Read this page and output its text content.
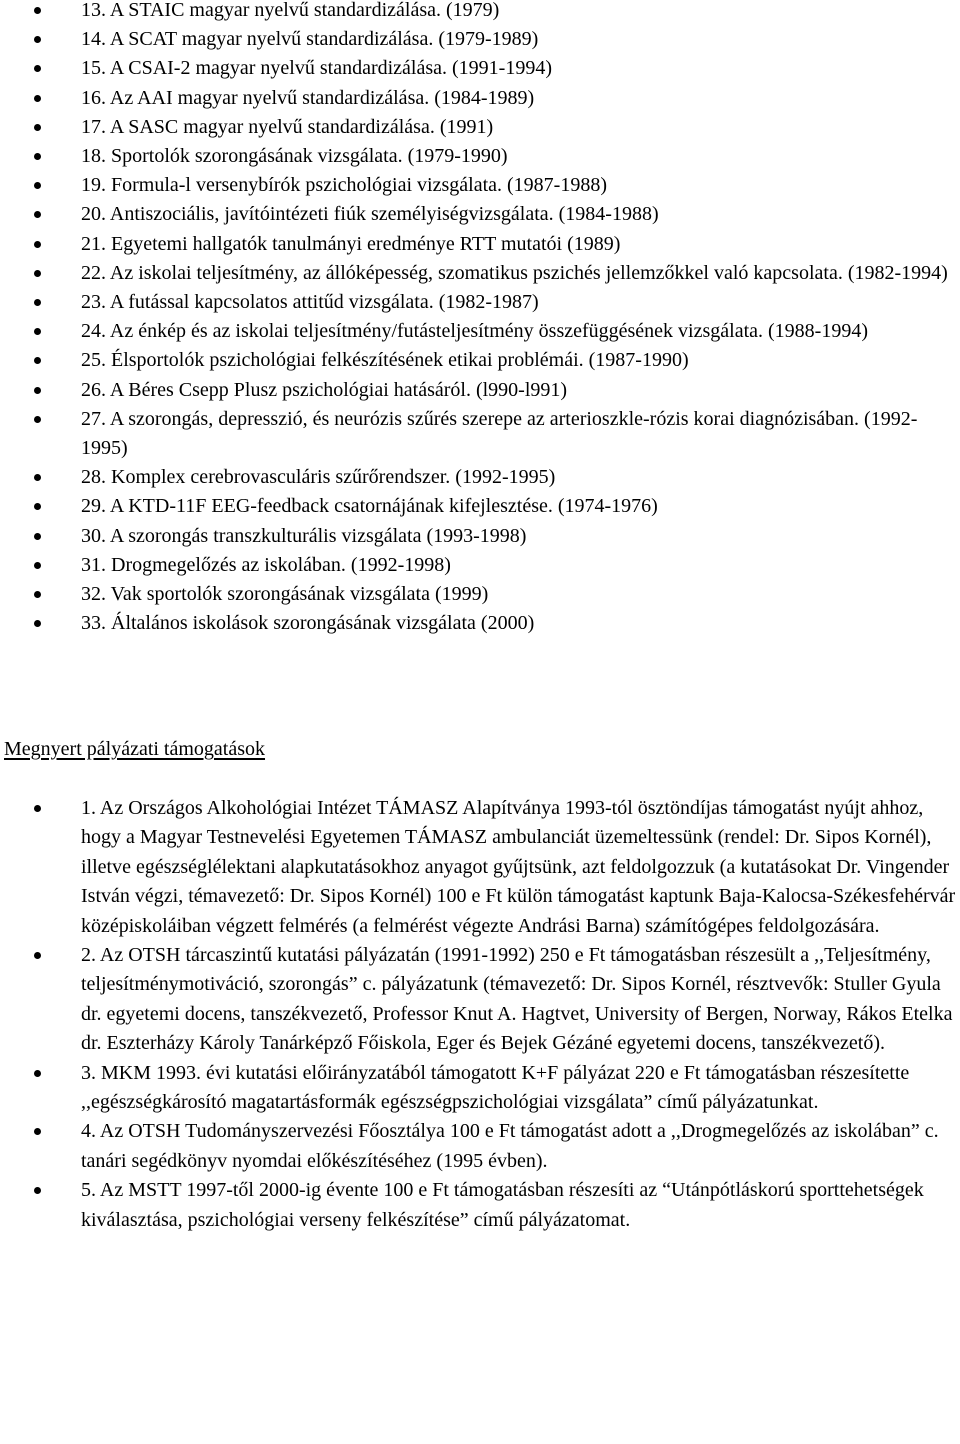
13. A STAIC magyar nyelvű standardizálása. (1979)
14. A SCAT magyar nyelvű standardizálása. (1979-1989)
15. A CSAI-2 magyar nyelvű standardizálása. (1991-1994)
16. Az AAI magyar nyelvű standardizálása. (1984-1989)
17. A SASC magyar nyelvű standardizálása. (1991)
18. Sportolók szorongásának vizsgálata. (1979-1990)
19. Formula-l versenybírók pszichológiai vizsgálata. (1987-1988)
20. Antiszociális, javítóintézeti fiúk személyiségvizsgálata. (1984-1988)
21. Egyetemi hallgatók tanulmányi eredménye RTT mutatói (1989)
22. Az iskolai teljesítmény, az állóképesség, szomatikus pszichés jellemzőkkel való kapcsolata. (1982-1994)
23. A futással kapcsolatos attitűd vizsgálata. (1982-1987)
24. Az énkép és az iskolai teljesítmény/futásteljesítmény összefüggésének vizsgálata. (1988-1994)
25. Élsportolók pszichológiai felkészítésének etikai problémái. (1987-1990)
26. A Béres Csepp Plusz pszichológiai hatásáról. (l990-l991)
27. A szorongás, depresszió, és neurózis szűrés szerepe az arterioszkle-rózis korai diagnózisában. (1992-1995)
28. Komplex cerebrovasculáris szűrőrendszer. (1992-1995)
29. A KTD-11F EEG-feedback csatornájának kifejlesztése. (1974-1976)
30. A szorongás transzkulturális vizsgálata (1993-1998)
31. Drogmegelőzés az iskolában. (1992-1998)
32. Vak sportolók szorongásának vizsgálata (1999)
33. Általános iskolások szorongásának vizsgálata (2000)
Megnyert pályázati támogatások
1. Az Országos Alkohológiai Intézet TÁMASZ Alapítványa 1993-tól ösztöndíjas támogatást nyújt ahhoz, hogy a Magyar Testnevelési Egyetemen TÁMASZ ambulanciát üzemeltessünk (rendel: Dr. Sipos Kornél), illetve egészséglélektani alapkutatásokhoz anyagot gyűjtsünk, azt feldolgozzuk (a kutatásokat Dr. Vingender István végzi, témavezető: Dr. Sipos Kornél) 100 e Ft külön támogatást kaptunk Baja-Kalocsa-Székesfehérvár középiskoláiban végzett felmérés (a felmérést végezte Andrási Barna) számítógépes feldolgozására.
2. Az OTSH tárcaszintű kutatási pályázatán (1991-1992) 250 e Ft támogatásban részesült a ,,Teljesítmény, teljesítménymotiváció, szorongás” c. pályázatunk (témavezető: Dr. Sipos Kornél, résztvevők: Stuller Gyula dr. egyetemi docens, tanszékvezető, Professor Knut A. Hagtvet, University of Bergen, Norway, Rákos Etelka dr. Eszterházy Károly Tanárképző Főiskola, Eger és Bejek Gézáné egyetemi docens, tanszékvezető).
3. MKM 1993. évi kutatási előirányzatából támogatott K+F pályázat 220 e Ft támogatásban részesítette ,,egészségkárosító magatartásformák egészségpszichológiai vizsgálata” című pályázatunkat.
4. Az OTSH Tudományszervezési Főosztálya 100 e Ft támogatást adott a ,,Drogmegelőzés az iskolában” c. tanári segédkönyv nyomdai előkészítéséhez (1995 évben).
5. Az MSTT 1997-től 2000-ig évente 100 e Ft támogatásban részesíti az “Utánpótláskorú sporttehetségek kiválasztása, pszichológiai verseny felkészítése” című pályázatomat.
